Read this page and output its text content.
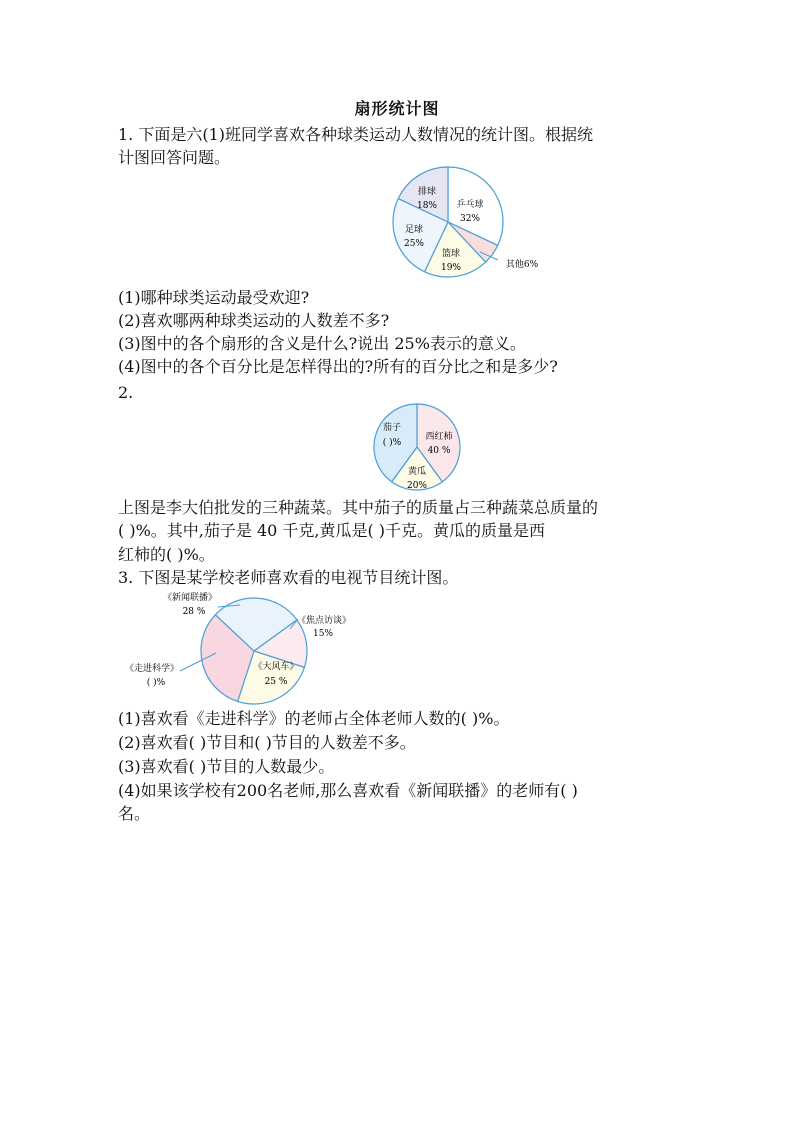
扇形统计图
1. 下面是六(1)班同学喜欢各种球类运动人数情况的统计图。根据统
计图回答问题。
排球
18% 乒乓球
32%
足球
25%
篮球
19%	其他6%
(1)哪种球类运动最受欢迎?
(2)喜欢哪两种球类运动的人数差不多?
(3)图中的各个扇形的含义是什么?说出 25%表示的意义。
(4)图中的各个百分比是怎样得出的?所有的百分比之和是多少?
2.
茄子
( )%
西红柿
40 %
黄瓜
20%
上图是李大伯批发的三种蔬菜。其中茄子的质量占三种蔬菜总质量的
( )%。其中,茄子是 40 千克,黄瓜是( )千克。黄瓜的质量是西
红柿的( )%。
3. 下图是某学校老师喜欢看的电视节目统计图。
《新闻联播》
28 %
《焦点访谈》
15%
《大风车》
25 %
《走进科学》
( )%
(1)喜欢看《走进科学》的老师占全体老师人数的( )%。
(2)喜欢看( )节目和( )节目的人数差不多。
(3)喜欢看( )节目的人数最少。
(4)如果该学校有200名老师,那么喜欢看《新闻联播》的老师有( )
名。
